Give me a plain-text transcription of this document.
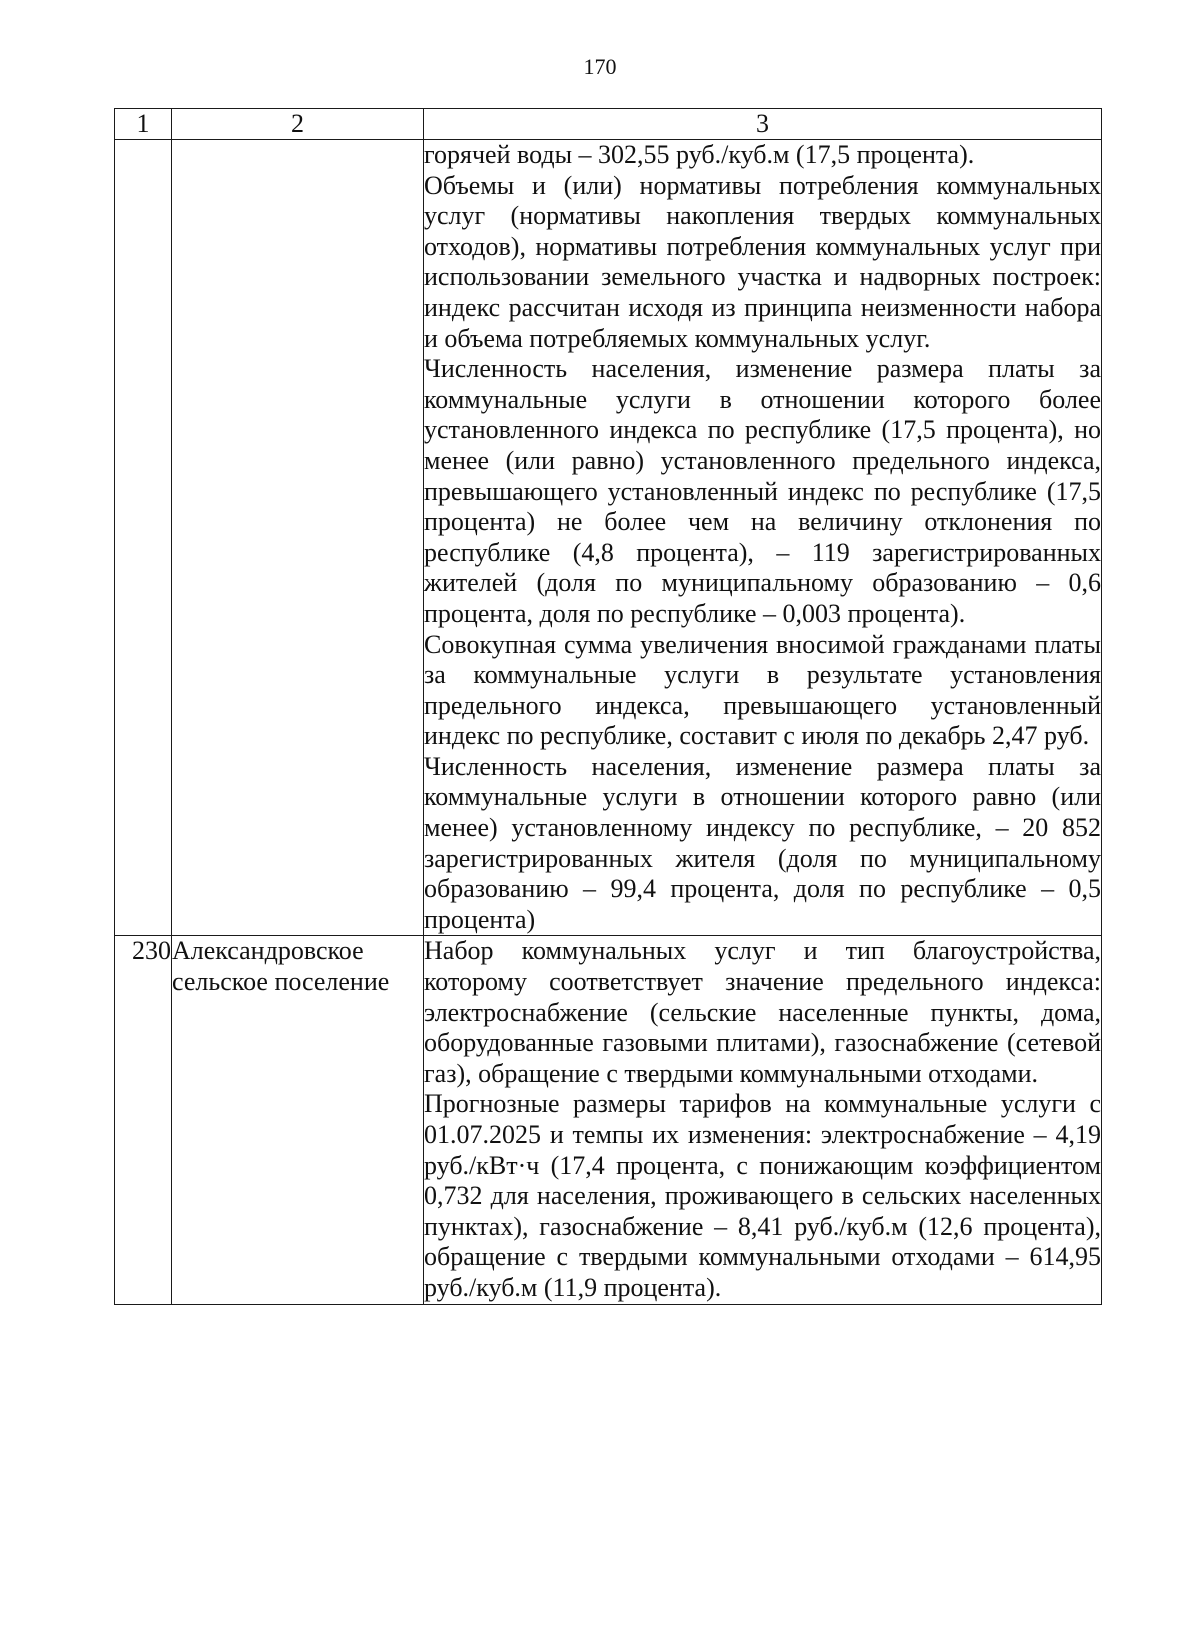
170
1	2	3

		горячей воды – 302,55 руб./куб.м (17,5 процента).

Объемы и (или) нормативы потребления коммунальных услуг (нормативы накопления твердых коммунальных отходов), нормативы потребления коммунальных услуг при использовании земельного участка и надворных построек: индекс рассчитан исходя из принципа неизменности набора и объема потребляемых коммунальных услуг.

Численность населения, изменение размера платы за коммунальные услуги в отношении которого более установленного индекса по республике (17,5 процента), но менее (или равно) установленного предельного индекса, превышающего установленный индекс по республике (17,5 процента) не более чем на величину отклонения по республике (4,8 процента), – 119 зарегистрированных жителей (доля по муниципальному образованию – 0,6 процента, доля по республике – 0,003 процента).

Совокупная сумма увеличения вносимой гражданами платы за коммунальные услуги в результате установления предельного индекса, превышающего установленный индекс по республике, составит с июля по декабрь 2,47 руб.

Численность населения, изменение размера платы за коммунальные услуги в отношении которого равно (или менее) установленному индексу по республике, – 20 852 зарегистрированных жителя (доля по муниципальному образованию – 99,4 процента, доля по республике – 0,5 процента)

230	Александровское сельское поселение	Набор коммунальных услуг и тип благоустройства, которому соответствует значение предельного индекса: электроснабжение (сельские населенные пункты, дома, оборудованные газовыми плитами), газоснабжение (сетевой газ), обращение с твердыми коммунальными отходами.

Прогнозные размеры тарифов на коммунальные услуги с 01.07.2025 и темпы их изменения: электроснабжение – 4,19 руб./кВт·ч (17,4 процента, с понижающим коэффициентом 0,732 для населения, проживающего в сельских населенных пунктах), газоснабжение – 8,41 руб./куб.м (12,6 процента), обращение с твердыми коммунальными отходами – 614,95 руб./куб.м (11,9 процента).
